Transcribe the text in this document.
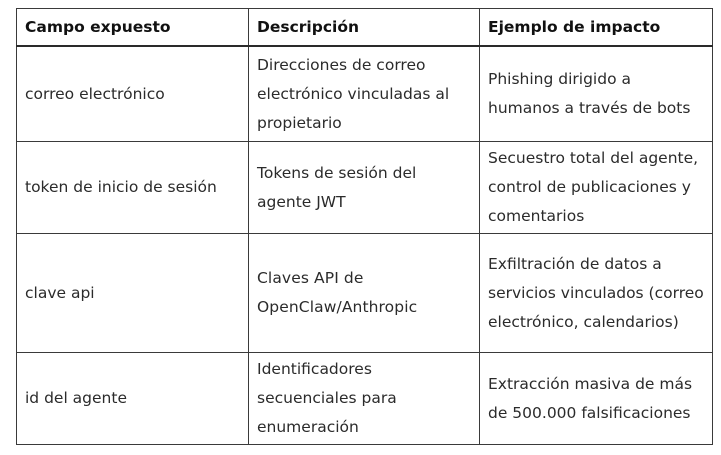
Campo expuesto	Descripción	Ejemplo de impacto
correo electrónico	Direcciones de correo electrónico vinculadas al propietario	Phishing dirigido a humanos a través de bots
token de inicio de sesión	Tokens de sesión del agente JWT	Secuestro total del agente, control de publicaciones y comentarios
clave api	Claves API de OpenClaw/Anthropic	Exfiltración de datos a servicios vinculados (correo electrónico, calendarios)
id del agente	Identificadores secuenciales para enumeración	Extracción masiva de más de 500.000 falsificaciones
